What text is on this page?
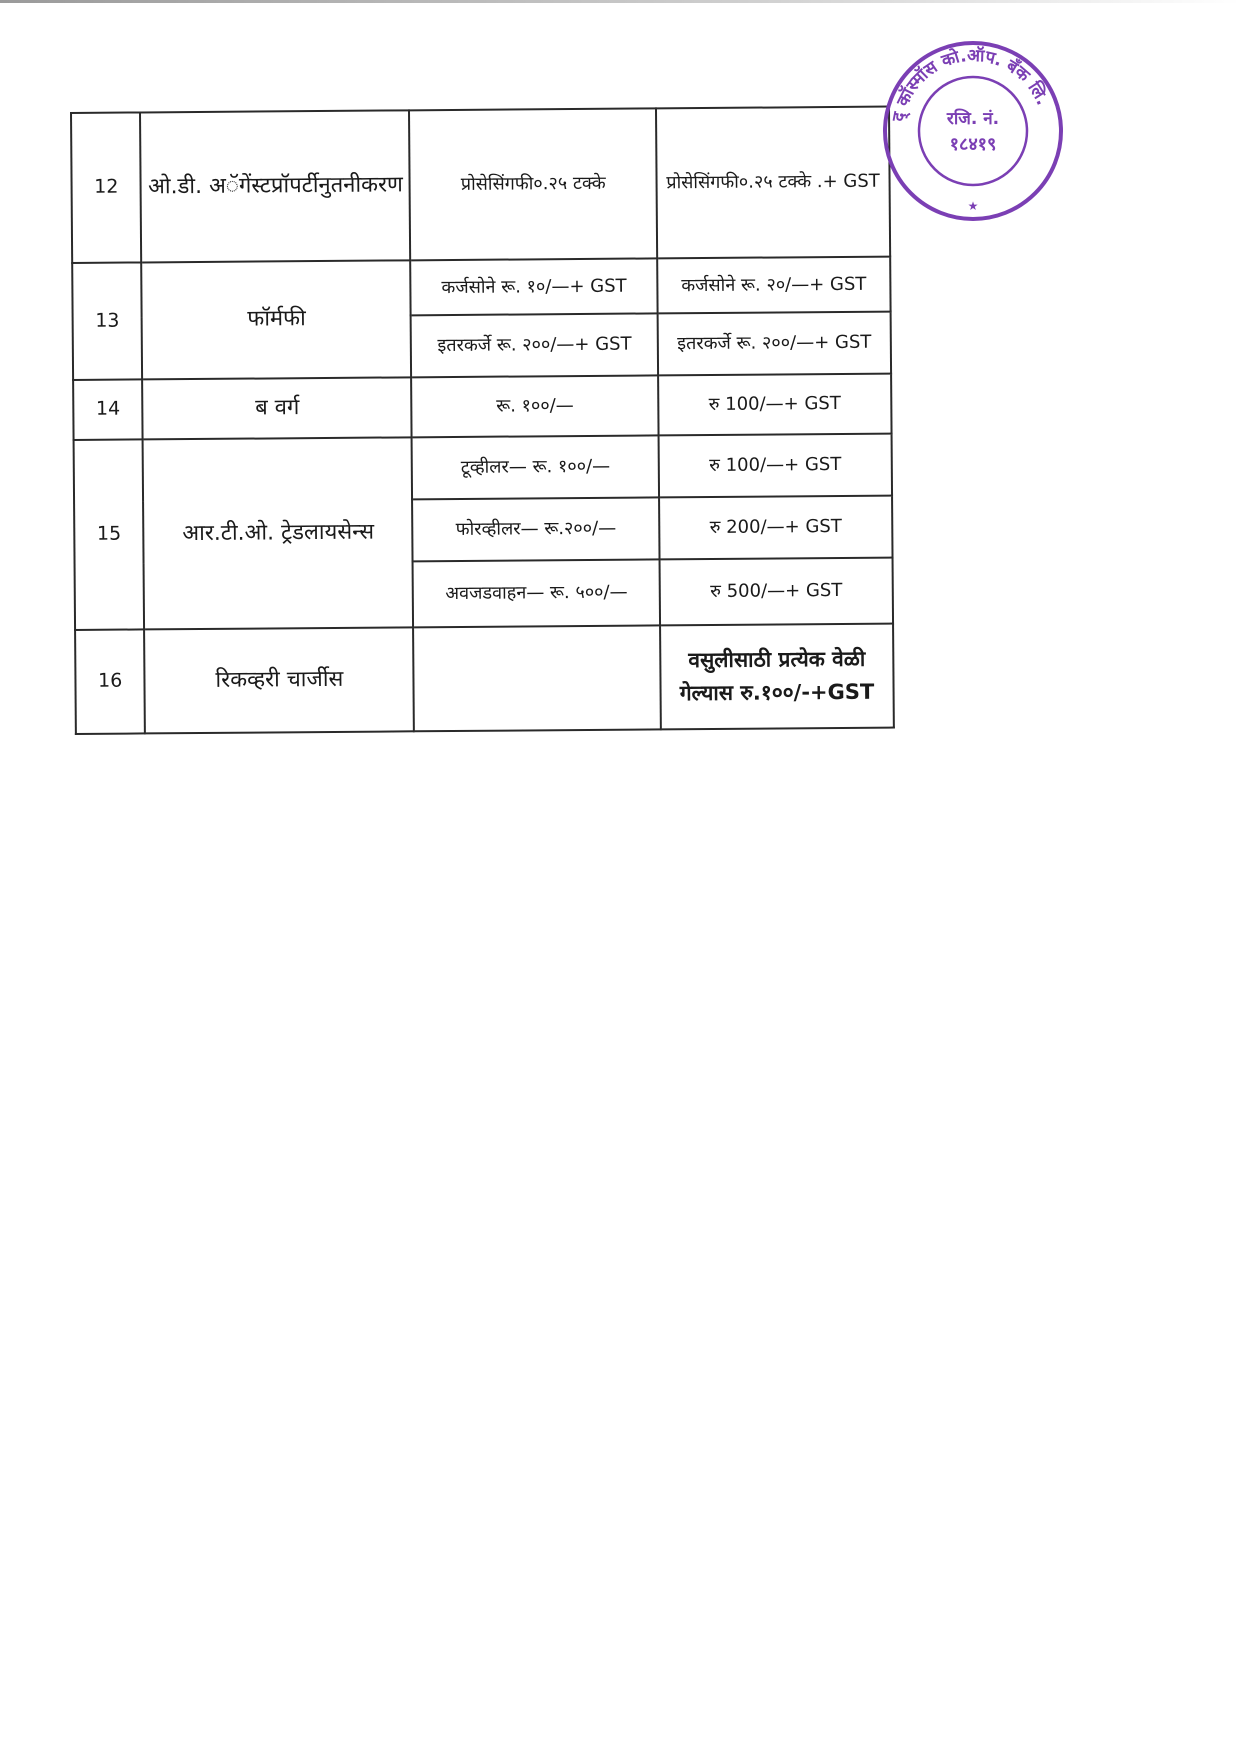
12	ओ.डी. अॅगेंस्टप्रॉपर्टीनुतनीकरण	प्रोसेसिंगफी०.२५ टक्के	प्रोसेसिंगफी०.२५ टक्के .+ GST
13	फॉर्मफी	कर्जसोने रू. १०/—+ GST	कर्जसोने रू. २०/—+ GST
		इतरकर्जे रू. २००/—+ GST	इतरकर्जे रू. २००/—+ GST
14	ब वर्ग	रू. १००/—	रु 100/—+ GST
15	आर.टी.ओ. ट्रेडलायसेन्स	टूव्हीलर— रू. १००/—	रु 100/—+ GST
		फोरव्हीलर— रू.२००/—	रु 200/—+ GST
		अवजडवाहन— रू. ५००/—	रु 500/—+ GST
16	रिकव्हरी चार्जीस		वसुलीसाठी प्रत्येक वेळी गेल्यास रु.१००/-+GST
द्‌ कॉस्मॉस को.ऑप. बँक लि.
रजि. नं.
१८४१९
★
